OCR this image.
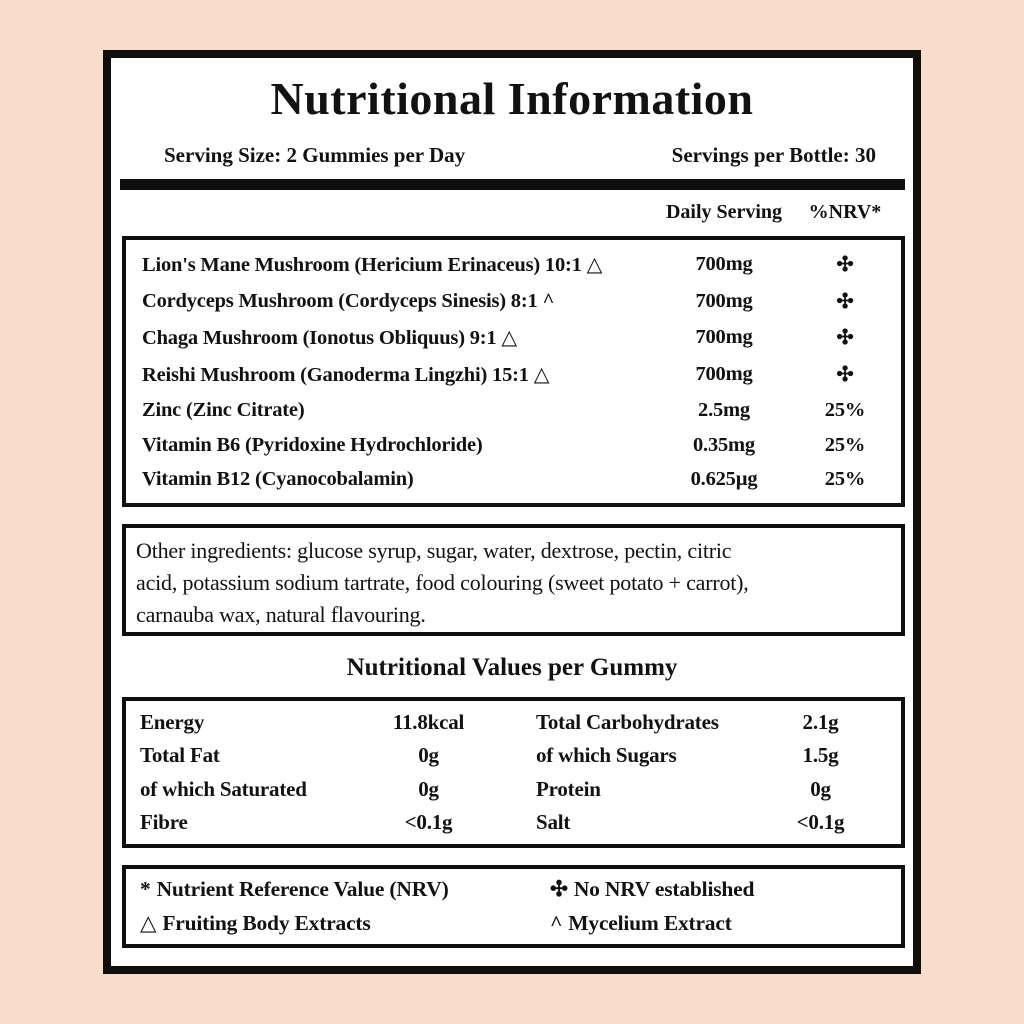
Nutritional Information
Serving Size: 2 Gummies per Day	Servings per Bottle: 30
Daily Serving	%NRV*
Lion's Mane Mushroom (Hericium Erinaceus) 10:1 △	700mg	✣
Cordyceps Mushroom (Cordyceps Sinesis) 8:1 ^	700mg	✣
Chaga Mushroom (Ionotus Obliquus) 9:1 △	700mg	✣
Reishi Mushroom (Ganoderma Lingzhi) 15:1 △	700mg	✣
Zinc (Zinc Citrate)	2.5mg	25%
Vitamin B6 (Pyridoxine Hydrochloride)	0.35mg	25%
Vitamin B12 (Cyanocobalamin)	0.625µg	25%
Other ingredients: glucose syrup, sugar, water, dextrose, pectin, citric
acid, potassium sodium tartrate, food colouring (sweet potato + carrot),
carnauba wax, natural flavouring.
Nutritional Values per Gummy
Energy	11.8kcal	Total Carbohydrates	2.1g
Total Fat	0g	of which Sugars	1.5g
of which Saturated	0g	Protein	0g
Fibre	<0.1g	Salt	<0.1g
* Nutrient Reference Value (NRV)	✣ No NRV established
△ Fruiting Body Extracts	^ Mycelium Extract
